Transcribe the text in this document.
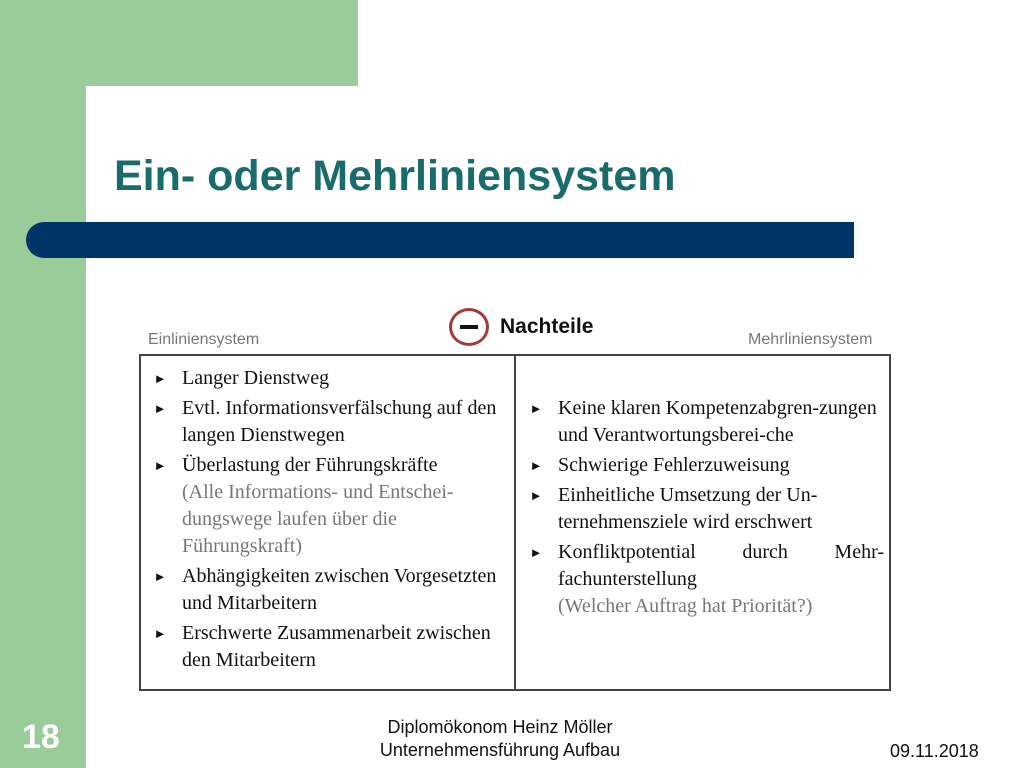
Ein- oder Mehrliniensystem
Nachteile
Einliniensystem	Mehrliniensystem
► Langer Dienstweg
► Evtl. Informationsverfälschung auf den langen Dienstwegen
► Überlastung der Führungskräfte
(Alle Informations- und Entschei-dungswege laufen über die Führungskraft)
► Abhängigkeiten zwischen Vorgesetzten und Mitarbeitern
► Erschwerte Zusammenarbeit zwischen den Mitarbeitern
► Keine klaren Kompetenzabgren-zungen und Verantwortungsberei-che
► Schwierige Fehlerzuweisung
► Einheitliche Umsetzung der Un-ternehmensziele wird erschwert
► Konfliktpotential durch Mehr-
fachunterstellung
(Welcher Auftrag hat Priorität?)
18	Diplomökonom Heinz Möller
Unternehmensführung Aufbau	09.11.2018
